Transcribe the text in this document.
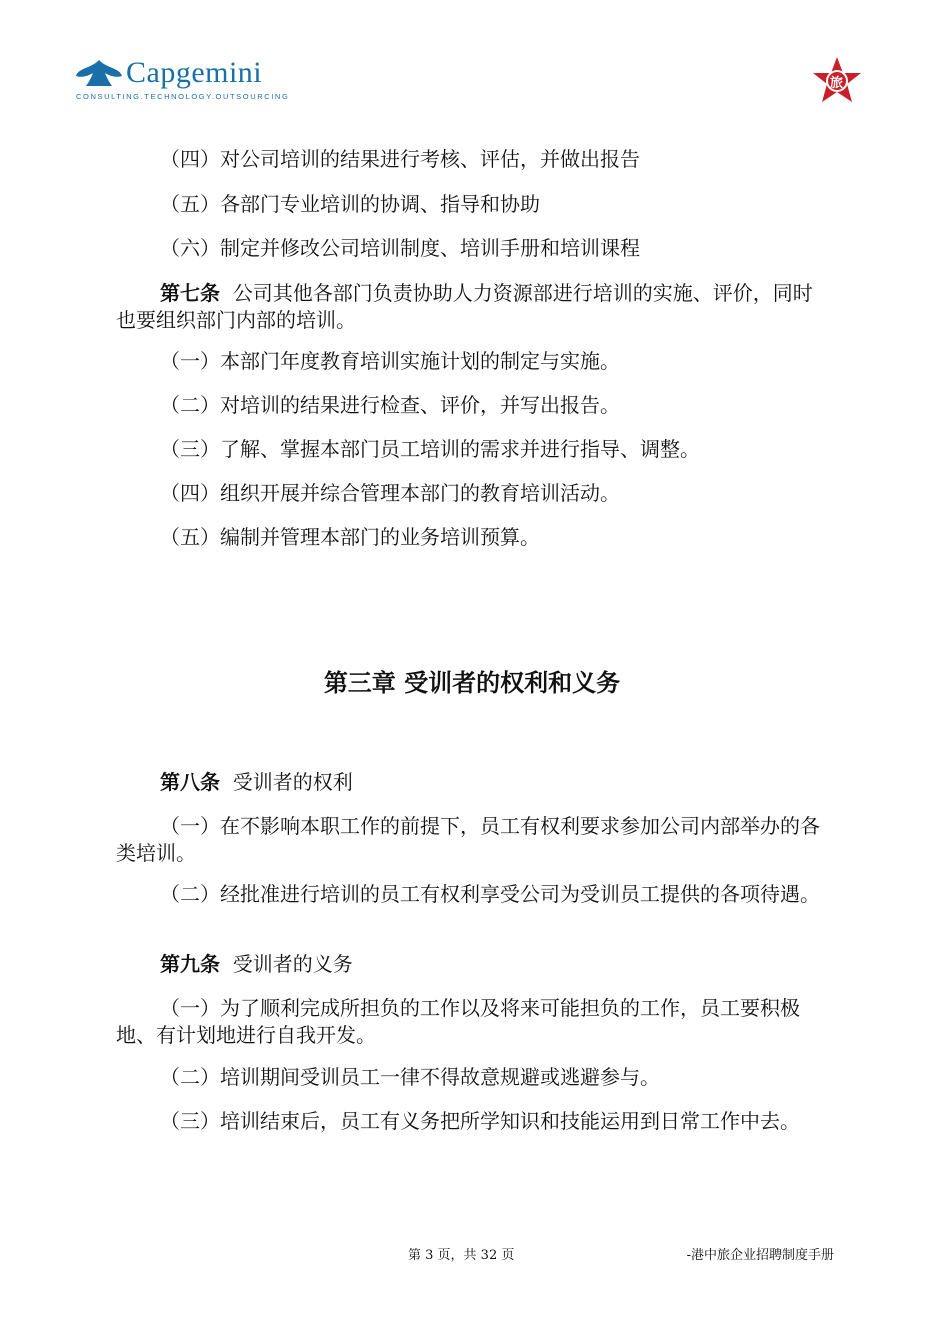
Capgemini
CONSULTING.TECHNOLOGY.OUTSOURCING
旅
（四）对公司培训的结果进行考核、评估，并做出报告
（五）各部门专业培训的协调、指导和协助
（六）制定并修改公司培训制度、培训手册和培训课程
第七条 公司其他各部门负责协助人力资源部进行培训的实施、评价，同时也要组织部门内部的培训。
（一）本部门年度教育培训实施计划的制定与实施。
（二）对培训的结果进行检查、评价，并写出报告。
（三）了解、掌握本部门员工培训的需求并进行指导、调整。
（四）组织开展并综合管理本部门的教育培训活动。
（五）编制并管理本部门的业务培训预算。
第三章 受训者的权利和义务
第八条 受训者的权利
（一）在不影响本职工作的前提下，员工有权利要求参加公司内部举办的各类培训。
（二）经批准进行培训的员工有权利享受公司为受训员工提供的各项待遇。
第九条 受训者的义务
（一）为了顺利完成所担负的工作以及将来可能担负的工作，员工要积极地、有计划地进行自我开发。
（二）培训期间受训员工一律不得故意规避或逃避参与。
（三）培训结束后，员工有义务把所学知识和技能运用到日常工作中去。
第 3 页，共 32 页	-港中旅企业招聘制度手册
